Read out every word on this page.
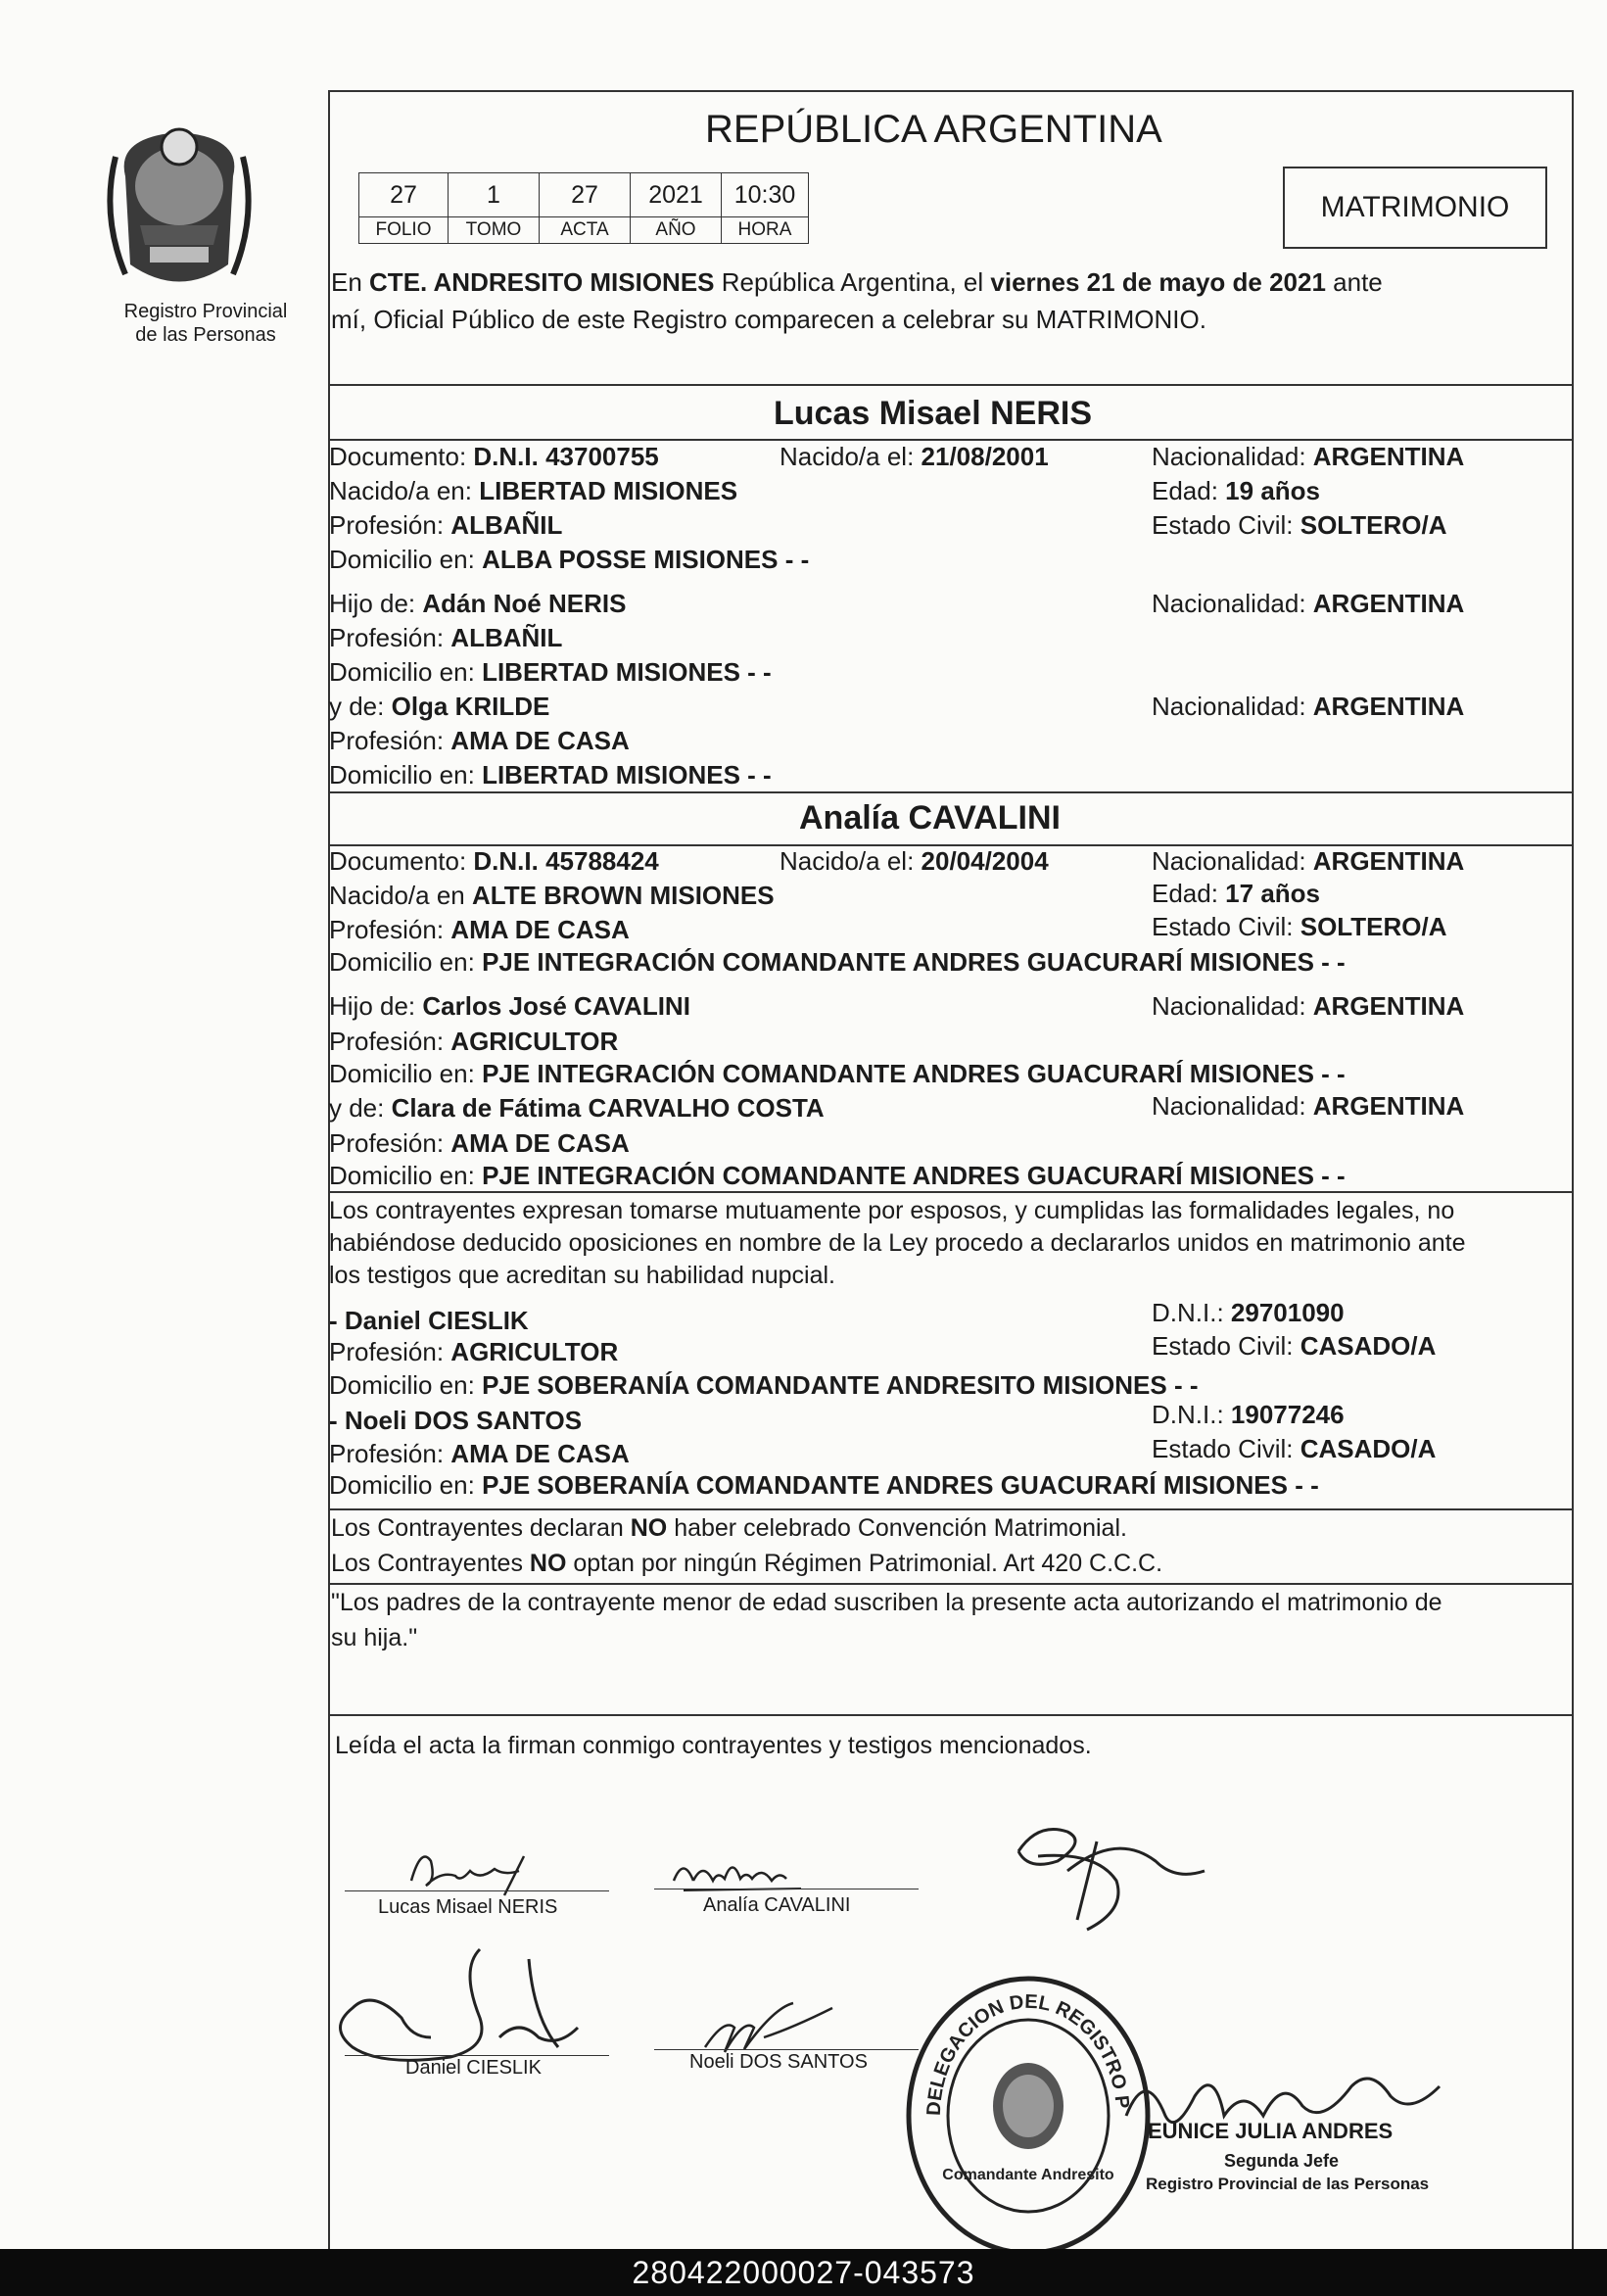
Registro Provincial
de las Personas
REPÚBLICA ARGENTINA
27	1	27	2021	10:30
FOLIO	TOMO	ACTA	AÑO	HORA
MATRIMONIO
En CTE. ANDRESITO MISIONES República Argentina, el viernes 21 de mayo de 2021 ante
mí, Oficial Público de este Registro comparecen a celebrar su MATRIMONIO.
Lucas Misael NERIS
Documento: D.N.I. 43700755	Nacido/a el: 21/08/2001	Nacionalidad: ARGENTINA
Nacido/a en: LIBERTAD MISIONES	Edad: 19 años
Profesión: ALBAÑIL	Estado Civil: SOLTERO/A
Domicilio en: ALBA POSSE MISIONES - -
Hijo de: Adán Noé NERIS	Nacionalidad: ARGENTINA
Profesión: ALBAÑIL
Domicilio en: LIBERTAD MISIONES - -
y de: Olga KRILDE	Nacionalidad: ARGENTINA
Profesión: AMA DE CASA
Domicilio en: LIBERTAD MISIONES - -
Analía CAVALINI
Documento: D.N.I. 45788424	Nacido/a el: 20/04/2004	Nacionalidad: ARGENTINA
Nacido/a en ALTE BROWN MISIONES	Edad: 17 años
Profesión: AMA DE CASA	Estado Civil: SOLTERO/A
Domicilio en: PJE INTEGRACIÓN COMANDANTE ANDRES GUACURARÍ MISIONES - -
Hijo de: Carlos José CAVALINI	Nacionalidad: ARGENTINA
Profesión: AGRICULTOR
Domicilio en: PJE INTEGRACIÓN COMANDANTE ANDRES GUACURARÍ MISIONES - -
y de: Clara de Fátima CARVALHO COSTA	Nacionalidad: ARGENTINA
Profesión: AMA DE CASA
Domicilio en: PJE INTEGRACIÓN COMANDANTE ANDRES GUACURARÍ MISIONES - -
Los contrayentes expresan tomarse mutuamente por esposos, y cumplidas las formalidades legales, no
habiéndose deducido oposiciones en nombre de la Ley procedo a declararlos unidos en matrimonio ante
los testigos que acreditan su habilidad nupcial.
- Daniel CIESLIK	D.N.I.: 29701090
Profesión: AGRICULTOR	Estado Civil: CASADO/A
Domicilio en: PJE SOBERANÍA COMANDANTE ANDRESITO MISIONES - -
- Noeli DOS SANTOS	D.N.I.: 19077246
Profesión: AMA DE CASA	Estado Civil: CASADO/A
Domicilio en: PJE SOBERANÍA COMANDANTE ANDRES GUACURARÍ MISIONES - -
Los Contrayentes declaran NO haber celebrado Convención Matrimonial.
Los Contrayentes NO optan por ningún Régimen Patrimonial. Art 420 C.C.C.
"Los padres de la contrayente menor de edad suscriben la presente acta autorizando el matrimonio de
su hija."
Leída el acta la firman conmigo contrayentes y testigos mencionados.
Lucas Misael NERIS	Analía CAVALINI
Daniel CIESLIK	Noeli DOS SANTOS
DELEGACION DEL REGISTRO PROVINCIAL DE LAS PERSONAS
Comandante Andresito
EUNICE JULIA ANDRES
Segunda Jefe
Registro Provincial de las Personas
280422000027-043573
